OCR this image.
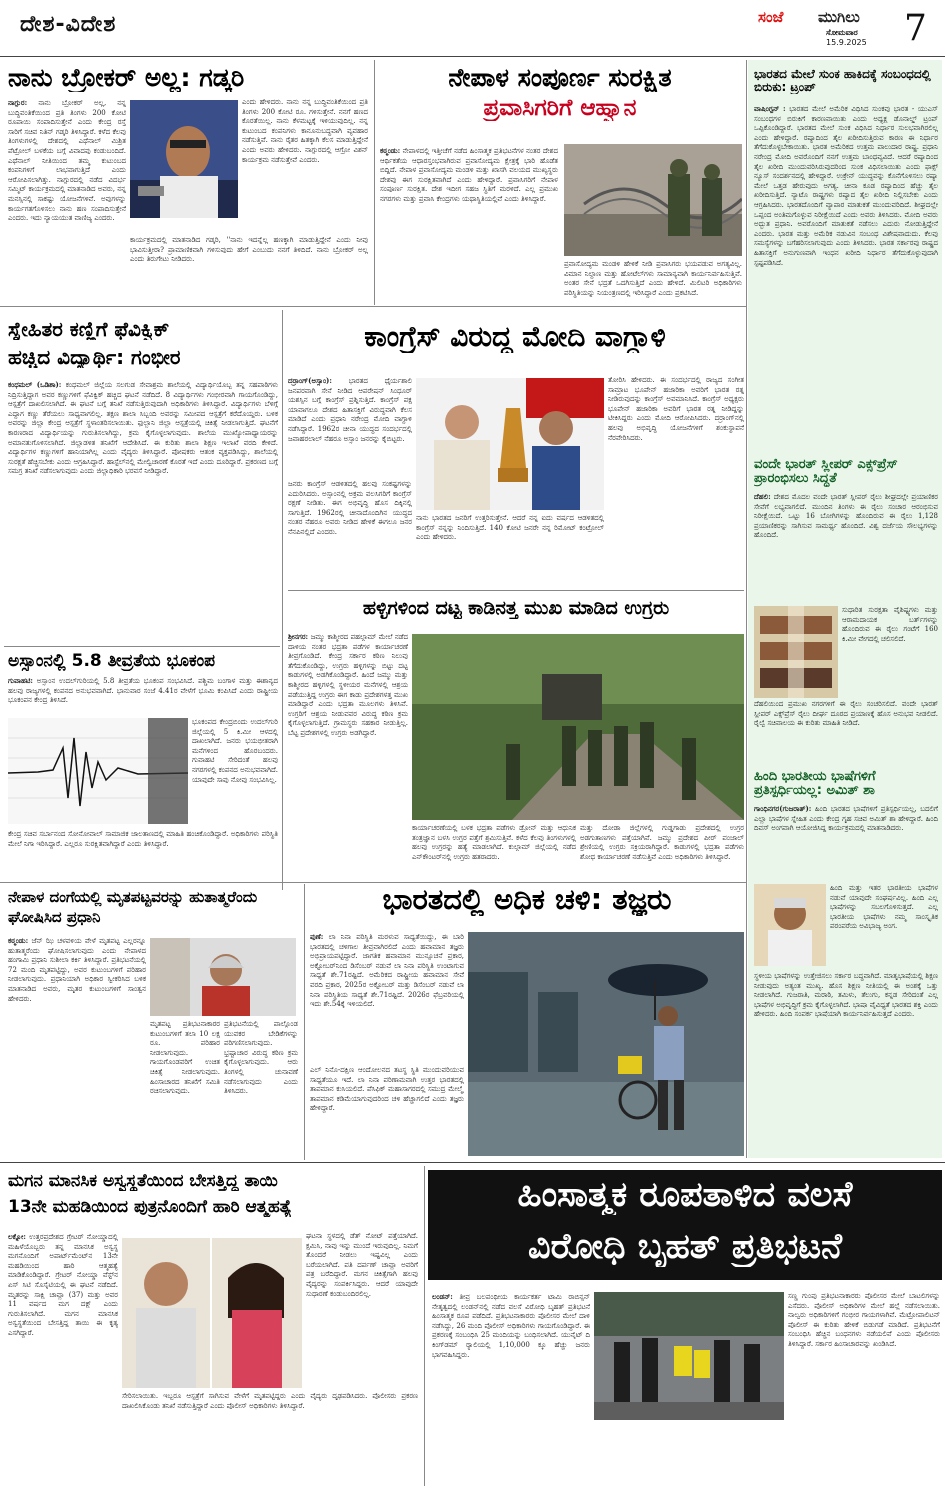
ದೇಶ-ವಿದೇಶ	ಸಂಜೆ ಮುಗಿಲು
ಸೋಮವಾರ
15.9.2025 7
ನಾನು ಬ್ರೋಕರ್ ಅಲ್ಲ: ಗಡ್ಕರಿ
ನಾಗ್ಪುರ: ನಾನು ಬ್ರೋಕರ್ ಅಲ್ಲ, ನನ್ನ ಬುದ್ಧಿವಂತಿಕೆಯಿಂದ ಪ್ರತಿ ತಿಂಗಳು 200 ಕೋಟಿ ರೂಪಾಯಿ ಸಂಪಾದಿಸುತ್ತೇನೆ ಎಂದು ಕೇಂದ್ರ ರಸ್ತೆ ಸಾರಿಗೆ ಸಚಿವ ನಿತಿನ್ ಗಡ್ಕರಿ ತಿಳಿಸಿದ್ದಾರೆ. ಕಳೆದ ಕೆಲವು ತಿಂಗಳುಗಳಲ್ಲಿ ದೇಶದಲ್ಲಿ ಎಥೆನಾಲ್ ಮಿಶ್ರಿತ ಪೆಟ್ರೋಲ್ ಬಳಕೆಯ ಬಗ್ಗೆ ವಿವಾದವು ಕಂಡುಬಂದಿದೆ. ಎಥೆನಾಲ್ ನೀತಿಯಿಂದ ತಮ್ಮ ಕುಟುಂಬದ ಕಂಪನಿಗಳಿಗೆ ಲಾಭವಾಗುತ್ತಿದೆ ಎಂದು ಆರೋಪಿಸಲಾಗಿತ್ತು. ನಾಗ್ಪುರದಲ್ಲಿ ನಡೆದ ವಿದರ್ಭ ಸಮ್ಮಿಟ್ ಕಾರ್ಯಕ್ರಮದಲ್ಲಿ ಮಾತನಾಡಿದ ಅವರು, ನನ್ನ ಮನಸ್ಸಿನಲ್ಲಿ ಸಾಕಷ್ಟು ಯೋಜನೆಗಳಿವೆ. ಅವುಗಳನ್ನು ಕಾರ್ಯಗತಗೊಳಿಸಲು ನಾನು ಹಣ ಸಂಪಾದಿಸುತ್ತೇನೆ ಎಂದರು. ಇದು ನ್ಯಾಯಯುತ ವಾಣಿಜ್ಯ ಎಂದರು.
ಎಂದು ಹೇಳಿದರು. ನಾನು ನನ್ನ ಬುದ್ಧಿವಂತಿಕೆಯಿಂದ ಪ್ರತಿ ತಿಂಗಳು 200 ಕೋಟಿ ರೂ. ಗಳಿಸುತ್ತೇನೆ. ನನಗೆ ಹಣದ ಕೊರತೆಯಿಲ್ಲ. ನಾನು ಕೆಳಮಟ್ಟಕ್ಕೆ ಇಳಿಯುವುದಿಲ್ಲ. ನನ್ನ ಕುಟುಂಬದ ಕಂಪನಿಗಳು ಕಾನೂನುಬದ್ಧವಾಗಿ ವ್ಯವಹಾರ ನಡೆಸುತ್ತಿವೆ. ನಾನು ರೈತರ ಹಿತಕ್ಕಾಗಿ ಕೆಲಸ ಮಾಡುತ್ತಿದ್ದೇನೆ ಎಂದು ಅವರು ಹೇಳಿದರು. ನಾಗ್ಪುರದಲ್ಲಿ ಆಗ್ರೋ ವಿಶನ್ ಕಾರ್ಯಕ್ರಮ ನಡೆಸುತ್ತೇವೆ ಎಂದರು.
ಕಾರ್ಯಕ್ರಮದಲ್ಲಿ ಮಾತನಾಡಿದ ಗಡ್ಕರಿ, ''ನಾನು ಇದನ್ನೆಲ್ಲ ಹಣಕ್ಕಾಗಿ ಮಾಡುತ್ತಿದ್ದೇನೆ ಎಂದು ನೀವು ಭಾವಿಸುತ್ತೀರಾ? ಪ್ರಾಮಾಣಿಕವಾಗಿ ಗಳಿಸುವುದು ಹೇಗೆ ಎಂಬುದು ನನಗೆ ತಿಳಿದಿದೆ. ನಾನು ಬ್ರೋಕರ್ ಅಲ್ಲ ಎಂದು ತಿರುಗೇಟು ನೀಡಿದರು.
ನೇಪಾಳ ಸಂಪೂರ್ಣ ಸುರಕ್ಷಿತ
ಪ್ರವಾಸಿಗರಿಗೆ ಆಹ್ವಾನ
ಕಠ್ಮಂಡು: ನೇಪಾಳದಲ್ಲಿ ಇತ್ತೀಚೆಗೆ ನಡೆದ ಹಿಂಸಾತ್ಮಕ ಪ್ರತಿಭಟನೆಗಳ ನಂತರ ದೇಶದ ಆರ್ಥಿಕತೆಯ ಆಧಾರಸ್ತಂಭವಾಗಿರುವ ಪ್ರವಾಸೋದ್ಯಮ ಕ್ಷೇತ್ರಕ್ಕೆ ಭಾರಿ ಹೊಡೆತ ಬಿದ್ದಿದೆ. ನೇಪಾಳ ಪ್ರವಾಸೋದ್ಯಮ ಮಂಡಳಿ ಮತ್ತು ಖಾಸಗಿ ವಲಯದ ಮುಖ್ಯಸ್ಥರು ದೇಶವು ಈಗ ಸುರಕ್ಷಿತವಾಗಿದೆ ಎಂದು ಹೇಳಿದ್ದಾರೆ. ಪ್ರವಾಸಿಗರಿಗೆ ನೇಪಾಳ ಸಂಪೂರ್ಣ ಸುರಕ್ಷಿತ. ದೇಶ ಇದೀಗ ಸಹಜ ಸ್ಥಿತಿಗೆ ಮರಳಿದೆ. ಎಲ್ಲ ಪ್ರಮುಖ ನಗರಗಳು ಮತ್ತು ಪ್ರವಾಸಿ ಕೇಂದ್ರಗಳು ಯಥಾಸ್ಥಿತಿಯಲ್ಲಿವೆ ಎಂದು ತಿಳಿಸಿದ್ದಾರೆ.
ಪ್ರವಾಸೋದ್ಯಮ ಮಂಡಳಿ ಹೇಳಿಕೆ ನೀಡಿ ಪ್ರವಾಸಿಗರು ಭಯಪಡುವ ಅಗತ್ಯವಿಲ್ಲ. ವಿಮಾನ ನಿಲ್ದಾಣ ಮತ್ತು ಹೋಟೆಲ್‌ಗಳು ಸಾಮಾನ್ಯವಾಗಿ ಕಾರ್ಯನಿರ್ವಹಿಸುತ್ತಿವೆ. ಅಂತರ ಸೇನೆ ಭದ್ರತೆ ಒದಗಿಸುತ್ತಿದೆ ಎಂದು ಹೇಳಿದೆ. ಮಿಲಿಟರಿ ಅಧಿಕಾರಿಗಳು ಪರಿಸ್ಥಿತಿಯನ್ನು ನಿಯಂತ್ರಣದಲ್ಲಿ ಇರಿಸಿದ್ದಾರೆ ಎಂದು ಪ್ರಕಟಿಸಿದೆ.
ಭಾರತದ ಮೇಲೆ ಸುಂಕ ಹಾಕಿದಕ್ಕೆ ಸಂಬಂಧದಲ್ಲಿ ಬಿರುಕು: ಟ್ರಂಪ್
ವಾಷಿಂಗ್ಟನ್ : ಭಾರತದ ಮೇಲೆ ಅಮೆರಿಕ ವಿಧಿಸಿದ ಸುಂಕವು ಭಾರತ - ಯುಎಸ್ ಸಂಬಂಧಗಳ ಬಿರುಕಿಗೆ ಕಾರಣವಾಯಿತು ಎಂದು ಅಧ್ಯಕ್ಷ ಡೊನಾಲ್ಡ್ ಟ್ರಂಪ್ ಒಪ್ಪಿಕೊಂಡಿದ್ದಾರೆ. ಭಾರತದ ಮೇಲೆ ಸುಂಕ ವಿಧಿಸಿದ ನಿರ್ಧಾರ ಸುಲಭವಾಗಿರಲಿಲ್ಲ ಎಂದು ಹೇಳಿದ್ದಾರೆ. ರಷ್ಯಾದಿಂದ ತೈಲ ಖರೀದಿಸುತ್ತಿರುವ ಕಾರಣ ಈ ನಿರ್ಧಾರ ತೆಗೆದುಕೊಳ್ಳಬೇಕಾಯಿತು. ಭಾರತ ಅಮೆರಿಕದ ಉತ್ತಮ ಪಾಲುದಾರ ರಾಷ್ಟ್ರ. ಪ್ರಧಾನಿ ನರೇಂದ್ರ ಮೋದಿ ಅವರೊಂದಿಗೆ ನನಗೆ ಉತ್ತಮ ಬಾಂಧವ್ಯವಿದೆ. ಆದರೆ ರಷ್ಯಾದಿಂದ ತೈಲ ಖರೀದಿ ಮುಂದುವರಿಸಿರುವುದರಿಂದ ಸುಂಕ ವಿಧಿಸಲಾಯಿತು ಎಂದು ಫಾಕ್ಸ್ ನ್ಯೂಸ್ ಸಂದರ್ಶನದಲ್ಲಿ ಹೇಳಿದ್ದಾರೆ. ಉಕ್ರೇನ್ ಯುದ್ಧವನ್ನು ಕೊನೆಗೊಳಿಸಲು ರಷ್ಯಾ ಮೇಲೆ ಒತ್ತಡ ಹೇರುವುದು ಅಗತ್ಯ. ಚೀನಾ ಕೂಡ ರಷ್ಯಾದಿಂದ ಹೆಚ್ಚು ತೈಲ ಖರೀದಿಸುತ್ತಿದೆ. ನ್ಯಾಟೊ ರಾಷ್ಟ್ರಗಳು ರಷ್ಯಾದ ತೈಲ ಖರೀದಿ ನಿಲ್ಲಿಸಬೇಕು ಎಂದು ಆಗ್ರಹಿಸಿದರು. ಭಾರತದೊಂದಿಗೆ ವ್ಯಾಪಾರ ಮಾತುಕತೆ ಮುಂದುವರಿದಿದೆ. ಶೀಘ್ರದಲ್ಲೇ ಒಪ್ಪಂದ ಅಂತಿಮಗೊಳ್ಳುವ ನಿರೀಕ್ಷೆಯಿದೆ ಎಂದು ಅವರು ತಿಳಿಸಿದರು. ಮೋದಿ ಅವರು ಅದ್ಭುತ ಪ್ರಧಾನಿ. ಅವರೊಂದಿಗೆ ಮಾತುಕತೆ ನಡೆಸಲು ಎದುರು ನೋಡುತ್ತಿದ್ದೇನೆ ಎಂದರು. ಭಾರತ ಮತ್ತು ಅಮೆರಿಕ ನಡುವಿನ ಸಂಬಂಧ ವಿಶೇಷವಾದುದು. ಕೆಲವು ಸಮಸ್ಯೆಗಳನ್ನು ಬಗೆಹರಿಸಲಾಗುವುದು ಎಂದು ತಿಳಿಸಿದರು. ಭಾರತ ಸರ್ಕಾರವು ರಾಷ್ಟ್ರದ ಹಿತಾಸಕ್ತಿಗೆ ಅನುಗುಣವಾಗಿ ಇಂಧನ ಖರೀದಿ ನಿರ್ಧಾರ ತೆಗೆದುಕೊಳ್ಳುವುದಾಗಿ ಸ್ಪಷ್ಟಪಡಿಸಿದೆ.
ವಂದೇ ಭಾರತ್ ಸ್ಲೀಪರ್ ಎಕ್ಸ್‌ಪ್ರೆಸ್ ಪ್ರಾರಂಭಿಸಲು ಸಿದ್ಧತೆ
ದೆಹಲಿ: ದೇಶದ ಮೊದಲ ವಂದೇ ಭಾರತ್ ಸ್ಲೀಪರ್ ರೈಲು ಶೀಘ್ರದಲ್ಲೇ ಪ್ರಯಾಣಿಕರ ಸೇವೆಗೆ ಲಭ್ಯವಾಗಲಿದೆ. ಮುಂದಿನ ತಿಂಗಳು ಈ ರೈಲು ಸಂಚಾರ ಆರಂಭಿಸುವ ನಿರೀಕ್ಷೆಯಿದೆ. ಒಟ್ಟು 16 ಬೋಗಿಗಳನ್ನು ಹೊಂದಿರುವ ಈ ರೈಲು 1,128 ಪ್ರಯಾಣಿಕರನ್ನು ಸಾಗಿಸುವ ಸಾಮರ್ಥ್ಯ ಹೊಂದಿದೆ. ವಿಶ್ವ ದರ್ಜೆಯ ಸೌಲಭ್ಯಗಳನ್ನು ಹೊಂದಿದೆ.
ಸುಧಾರಿತ ಸುರಕ್ಷತಾ ವೈಶಿಷ್ಟ್ಯಗಳು ಮತ್ತು ಆರಾಮದಾಯಕ ಬರ್ತ್‌ಗಳನ್ನು ಹೊಂದಿರುವ ಈ ರೈಲು ಗಂಟೆಗೆ 160 ಕಿ.ಮೀ ವೇಗದಲ್ಲಿ ಚಲಿಸಲಿದೆ.
ದೆಹಲಿಯಿಂದ ಪ್ರಮುಖ ನಗರಗಳಿಗೆ ಈ ರೈಲು ಸಂಚರಿಸಲಿದೆ. ವಂದೇ ಭಾರತ್ ಸ್ಲೀಪರ್ ಎಕ್ಸ್‌ಪ್ರೆಸ್ ರೈಲು ದೀರ್ಘ ದೂರದ ಪ್ರಯಾಣಕ್ಕೆ ಹೊಸ ಅನುಭವ ನೀಡಲಿದೆ. ರೈಲ್ವೆ ಸಚಿವಾಲಯ ಈ ಕುರಿತು ಮಾಹಿತಿ ನೀಡಿದೆ.
ಹಿಂದಿ ಭಾರತೀಯ ಭಾಷೆಗಳಿಗೆ ಪ್ರತಿಸ್ಪರ್ಧಿಯಲ್ಲ: ಅಮಿತ್ ಶಾ
ಗಾಂಧಿನಗರ(ಗುಜರಾತ್): ಹಿಂದಿ ಭಾರತದ ಭಾಷೆಗಳಿಗೆ ಪ್ರತಿಸ್ಪರ್ಧಿಯಲ್ಲ, ಬದಲಿಗೆ ಎಲ್ಲಾ ಭಾಷೆಗಳ ಸ್ನೇಹಿತ ಎಂದು ಕೇಂದ್ರ ಗೃಹ ಸಚಿವ ಅಮಿತ್ ಶಾ ಹೇಳಿದ್ದಾರೆ. ಹಿಂದಿ ದಿವಸ್ ಅಂಗವಾಗಿ ಆಯೋಜಿಸಿದ್ದ ಕಾರ್ಯಕ್ರಮದಲ್ಲಿ ಮಾತನಾಡಿದರು.
ಹಿಂದಿ ಮತ್ತು ಇತರ ಭಾರತೀಯ ಭಾಷೆಗಳ ನಡುವೆ ಯಾವುದೇ ಸಂಘರ್ಷವಿಲ್ಲ. ಹಿಂದಿ ಎಲ್ಲ ಭಾಷೆಗಳನ್ನು ಸಬಲಗೊಳಿಸುತ್ತದೆ. ಎಲ್ಲ ಭಾರತೀಯ ಭಾಷೆಗಳು ನಮ್ಮ ಸಾಂಸ್ಕೃತಿಕ ಪರಂಪರೆಯ ಅವಿಭಾಜ್ಯ ಅಂಗ.
ಸ್ಥಳೀಯ ಭಾಷೆಗಳನ್ನು ಉತ್ತೇಜಿಸಲು ಸರ್ಕಾರ ಬದ್ಧವಾಗಿದೆ. ಮಾತೃಭಾಷೆಯಲ್ಲಿ ಶಿಕ್ಷಣ ನೀಡುವುದು ಅತ್ಯಂತ ಮುಖ್ಯ. ಹೊಸ ಶಿಕ್ಷಣ ನೀತಿಯಲ್ಲಿ ಈ ಅಂಶಕ್ಕೆ ಒತ್ತು ನೀಡಲಾಗಿದೆ. ಗುಜರಾತಿ, ಮರಾಠಿ, ತಮಿಳು, ತೆಲುಗು, ಕನ್ನಡ ಸೇರಿದಂತೆ ಎಲ್ಲ ಭಾಷೆಗಳ ಅಭಿವೃದ್ಧಿಗೆ ಕ್ರಮ ಕೈಗೊಳ್ಳಲಾಗಿದೆ. ಭಾಷಾ ವೈವಿಧ್ಯತೆ ಭಾರತದ ಶಕ್ತಿ ಎಂದು ಹೇಳಿದರು. ಹಿಂದಿ ಸಂಪರ್ಕ ಭಾಷೆಯಾಗಿ ಕಾರ್ಯನಿರ್ವಹಿಸುತ್ತದೆ ಎಂದರು.
ಸ್ನೇಹಿತರ ಕಣ್ಣಿಗೆ ಫೆವಿಕ್ವಿಕ್
ಹಚ್ಚಿದ ವಿದ್ಯಾರ್ಥಿ: ಗಂಭೀರ
ಕಂಧಮಲ್ (ಒಡಿಶಾ): ಕಂಧಮಲ್ ಜಿಲ್ಲೆಯ ಸಲಗುಡ ಸೇವಾಶ್ರಮ ಶಾಲೆಯಲ್ಲಿ ವಿದ್ಯಾರ್ಥಿಯೊಬ್ಬ ತನ್ನ ಸಹಪಾಠಿಗಳು ನಿದ್ರಿಸುತ್ತಿದ್ದಾಗ ಅವರ ಕಣ್ಣುಗಳಿಗೆ ಫೆವಿಕ್ವಿಕ್ ಹಚ್ಚಿದ ಘಟನೆ ನಡೆದಿದೆ. 8 ವಿದ್ಯಾರ್ಥಿಗಳು ಗಂಭೀರವಾಗಿ ಗಾಯಗೊಂಡಿದ್ದು, ಆಸ್ಪತ್ರೆಗೆ ದಾಖಲಿಸಲಾಗಿದೆ. ಈ ಘಟನೆ ಬಗ್ಗೆ ತನಿಖೆ ನಡೆಸುತ್ತಿರುವುದಾಗಿ ಅಧಿಕಾರಿಗಳು ತಿಳಿಸಿದ್ದಾರೆ. ವಿದ್ಯಾರ್ಥಿಗಳು ಬೆಳಿಗ್ಗೆ ಎದ್ದಾಗ ಕಣ್ಣು ತೆರೆಯಲು ಸಾಧ್ಯವಾಗಲಿಲ್ಲ. ತಕ್ಷಣ ಶಾಲಾ ಸಿಬ್ಬಂದಿ ಅವರನ್ನು ಸಮೀಪದ ಆಸ್ಪತ್ರೆಗೆ ಕರೆದೊಯ್ದರು. ಬಳಿಕ ಅವರನ್ನು ಜಿಲ್ಲಾ ಕೇಂದ್ರ ಆಸ್ಪತ್ರೆಗೆ ಸ್ಥಳಾಂತರಿಸಲಾಯಿತು. ಫುಲ್ಬಾನಿ ಜಿಲ್ಲಾ ಆಸ್ಪತ್ರೆಯಲ್ಲಿ ಚಿಕಿತ್ಸೆ ನೀಡಲಾಗುತ್ತಿದೆ. ಘಟನೆಗೆ ಕಾರಣರಾದ ವಿದ್ಯಾರ್ಥಿಯನ್ನು ಗುರುತಿಸಲಾಗಿದ್ದು, ಕ್ರಮ ಕೈಗೊಳ್ಳಲಾಗುವುದು. ಶಾಲೆಯ ಮುಖ್ಯೋಪಾಧ್ಯಾಯರನ್ನು ಅಮಾನತುಗೊಳಿಸಲಾಗಿದೆ. ಜಿಲ್ಲಾಡಳಿತ ತನಿಖೆಗೆ ಆದೇಶಿಸಿದೆ. ಈ ಕುರಿತು ಶಾಲಾ ಶಿಕ್ಷಣ ಇಲಾಖೆ ವರದಿ ಕೇಳಿದೆ. ವಿದ್ಯಾರ್ಥಿಗಳ ಕಣ್ಣುಗಳಿಗೆ ಹಾನಿಯಾಗಿಲ್ಲ ಎಂದು ವೈದ್ಯರು ತಿಳಿಸಿದ್ದಾರೆ. ಪೋಷಕರು ಆತಂಕ ವ್ಯಕ್ತಪಡಿಸಿದ್ದು, ಶಾಲೆಯಲ್ಲಿ ಸುರಕ್ಷತೆ ಹೆಚ್ಚಿಸಬೇಕು ಎಂದು ಆಗ್ರಹಿಸಿದ್ದಾರೆ. ಹಾಸ್ಟೆಲ್‌ನಲ್ಲಿ ಮೇಲ್ವಿಚಾರಣೆ ಕೊರತೆ ಇದೆ ಎಂದು ದೂರಿದ್ದಾರೆ. ಪ್ರಕರಣದ ಬಗ್ಗೆ ಸಮಗ್ರ ತನಿಖೆ ನಡೆಸಲಾಗುವುದು ಎಂದು ಜಿಲ್ಲಾಧಿಕಾರಿ ಭರವಸೆ ನೀಡಿದ್ದಾರೆ.
ಕಾಂಗ್ರೆಸ್ ವಿರುದ್ಧ ಮೋದಿ ವಾಗ್ದಾಳಿ
ದರ್‍ರಾಂಗ್(ಅಸ್ಸಾಂ): ಭಾರತದ ಧೈರ್ಯಶಾಲಿ ಜನಪರವಾಗಿ ಸೇನೆ ನೀಡಿದ ಆಪರೇಷನ್ ಸಿಂಧೂರ್ ಯಶಸ್ಸಿನ ಬಗ್ಗೆ ಕಾಂಗ್ರೆಸ್ ಪ್ರಶ್ನಿಸುತ್ತಿದೆ. ಕಾಂಗ್ರೆಸ್ ಪಕ್ಷ ಯಾವಾಗಲೂ ದೇಶದ ಹಿತಾಸಕ್ತಿಗೆ ವಿರುದ್ಧವಾಗಿ ಕೆಲಸ ಮಾಡಿದೆ ಎಂದು ಪ್ರಧಾನಿ ನರೇಂದ್ರ ಮೋದಿ ವಾಗ್ದಾಳಿ ನಡೆಸಿದ್ದಾರೆ. 1962ರ ಚೀನಾ ಯುದ್ಧದ ಸಂದರ್ಭದಲ್ಲಿ ಜವಾಹರಲಾಲ್ ನೆಹರೂ ಅಸ್ಸಾಂ ಜನರನ್ನು ಕೈಬಿಟ್ಟರು.
ಜನರು ಕಾಂಗ್ರೆಸ್ ಆಡಳಿತದಲ್ಲಿ ಹಲವು ಸಂಕಷ್ಟಗಳನ್ನು ಎದುರಿಸಿದರು. ಅಸ್ಸಾಂನಲ್ಲಿ ಅಕ್ರಮ ವಲಸಿಗರಿಗೆ ಕಾಂಗ್ರೆಸ್ ರಕ್ಷಣೆ ನೀಡಿತು. ಈಗ ಅಭಿವೃದ್ಧಿ ಹೊಸ ದಿಕ್ಕಿನಲ್ಲಿ ಸಾಗುತ್ತಿದೆ. 1962ರಲ್ಲಿ ಚೀನಾದೊಂದಿಗಿನ ಯುದ್ಧದ ನಂತರ ನೆಹರೂ ಅವರು ನೀಡಿದ ಹೇಳಿಕೆ ಈಗಲೂ ಜನರ ನೆನಪಿನಲ್ಲಿದೆ ಎಂದರು.
ತೋರಿಸಿ ಹೇಳಿದರು. ಈ ಸಂದರ್ಭದಲ್ಲಿ ರಾಜ್ಯದ ಸಂಗೀತ ಸಾಮ್ರಾಟ ಭೂಪೇನ್ ಹಜಾರಿಕಾ ಅವರಿಗೆ ಭಾರತ ರತ್ನ ನೀಡಿರುವುದನ್ನು ಕಾಂಗ್ರೆಸ್ ಅವಮಾನಿಸಿದೆ. ಕಾಂಗ್ರೆಸ್ ಅಧ್ಯಕ್ಷರು ಭೂಪೇನ್ ಹಜಾರಿಕಾ ಅವರಿಗೆ ಭಾರತ ರತ್ನ ನೀಡಿದ್ದನ್ನು ಟೀಕಿಸಿದ್ದರು ಎಂದು ಮೋದಿ ಆರೋಪಿಸಿದರು. ದರ್‍ರಾಂಗ್‌ನಲ್ಲಿ ಹಲವು ಅಭಿವೃದ್ಧಿ ಯೋಜನೆಗಳಿಗೆ ಶಂಕುಸ್ಥಾಪನೆ ನೆರವೇರಿಸಿದರು.
ನಾನು ಭಾರತದ ಜನರಿಗೆ ಉತ್ತರಿಸುತ್ತೇನೆ. ಆದರೆ ನನ್ನ ಐದು ವರ್ಷದ ಆಡಳಿತದಲ್ಲಿ ಕಾಂಗ್ರೆಸ್ ನನ್ನನ್ನು ನಿಂದಿಸುತ್ತಿದೆ. 140 ಕೋಟಿ ಜನರೇ ನನ್ನ ರಿಮೋಟ್ ಕಂಟ್ರೋಲ್ ಎಂದು ಹೇಳಿದರು.
ಅಸ್ಸಾಂನಲ್ಲಿ 5.8 ತೀವ್ರತೆಯ ಭೂಕಂಪ
ಗುವಾಹಟಿ: ಅಸ್ಸಾಂನ ಉದಲ್‌ಗುರಿಯಲ್ಲಿ 5.8 ತೀವ್ರತೆಯ ಭೂಕಂಪ ಸಂಭವಿಸಿದೆ. ಪಶ್ಚಿಮ ಬಂಗಾಳ ಮತ್ತು ಈಶಾನ್ಯದ ಹಲವು ರಾಜ್ಯಗಳಲ್ಲಿ ಕಂಪನದ ಅನುಭವವಾಗಿದೆ. ಭಾನುವಾರ ಸಂಜೆ 4.41ರ ವೇಳೆಗೆ ಭೂಮಿ ಕಂಪಿಸಿದೆ ಎಂದು ರಾಷ್ಟ್ರೀಯ ಭೂಕಂಪನ ಕೇಂದ್ರ ತಿಳಿಸಿದೆ.
ಭೂಕಂಪದ ಕೇಂದ್ರಬಿಂದು ಉದಲ್‌ಗುರಿ ಜಿಲ್ಲೆಯಲ್ಲಿ 5 ಕಿ.ಮೀ ಆಳದಲ್ಲಿ ದಾಖಲಾಗಿದೆ. ಜನರು ಭಯಭೀತರಾಗಿ ಮನೆಗಳಿಂದ ಹೊರಬಂದರು. ಗುವಾಹಟಿ ಸೇರಿದಂತೆ ಹಲವು ನಗರಗಳಲ್ಲಿ ಕಂಪನದ ಅನುಭವವಾಗಿದೆ. ಯಾವುದೇ ಸಾವು ನೋವು ಸಂಭವಿಸಿಲ್ಲ.
ಕೇಂದ್ರ ಸಚಿವ ಸರ್ಬಾನಂದ ಸೋನೋವಾಲ್ ಸಾಮಾಜಿಕ ಜಾಲತಾಣದಲ್ಲಿ ಮಾಹಿತಿ ಹಂಚಿಕೊಂಡಿದ್ದಾರೆ. ಅಧಿಕಾರಿಗಳು ಪರಿಸ್ಥಿತಿ ಮೇಲೆ ನಿಗಾ ಇರಿಸಿದ್ದಾರೆ. ಎಲ್ಲರೂ ಸುರಕ್ಷಿತವಾಗಿದ್ದಾರೆ ಎಂದು ತಿಳಿಸಿದ್ದಾರೆ.
ಹಳ್ಳಿಗಳಿಂದ ದಟ್ಟ ಕಾಡಿನತ್ತ ಮುಖ ಮಾಡಿದ ಉಗ್ರರು
ಶ್ರೀನಗರ: ಜಮ್ಮು ಕಾಶ್ಮೀರದ ಪಹಲ್ಗಾಮ್ ಮೇಲೆ ನಡೆದ ದಾಳಿಯ ನಂತರ ಭದ್ರತಾ ಪಡೆಗಳ ಕಾರ್ಯಾಚರಣೆ ತೀವ್ರಗೊಂಡಿದೆ. ಕೇಂದ್ರ ಸರ್ಕಾರ ಕಠಿಣ ನಿಲುವು ತೆಗೆದುಕೊಂಡಿದ್ದು, ಉಗ್ರರು ಹಳ್ಳಿಗಳನ್ನು ಬಿಟ್ಟು ದಟ್ಟ ಕಾಡುಗಳಲ್ಲಿ ಅಡಗಿಕೊಂಡಿದ್ದಾರೆ. ಹಿಂದೆ ಜಮ್ಮು ಮತ್ತು ಕಾಶ್ಮೀರದ ಹಳ್ಳಿಗಳಲ್ಲಿ ಸ್ಥಳೀಯರ ಮನೆಗಳಲ್ಲಿ ಆಶ್ರಯ ಪಡೆಯುತ್ತಿದ್ದ ಉಗ್ರರು ಈಗ ಕಾಡು ಪ್ರದೇಶಗಳತ್ತ ಮುಖ ಮಾಡಿದ್ದಾರೆ ಎಂದು ಭದ್ರತಾ ಮೂಲಗಳು ತಿಳಿಸಿವೆ. ಉಗ್ರರಿಗೆ ಆಶ್ರಯ ನೀಡುವವರ ವಿರುದ್ಧ ಕಠಿಣ ಕ್ರಮ ಕೈಗೊಳ್ಳಲಾಗುತ್ತಿದೆ. ಗ್ರಾಮಸ್ಥರು ಸಹಕಾರ ನೀಡುತ್ತಿಲ್ಲ. ಬೆಟ್ಟ ಪ್ರದೇಶಗಳಲ್ಲಿ ಉಗ್ರರು ಅಡಗಿದ್ದಾರೆ.
ಕಾರ್ಯಾಚರಣೆಯಲ್ಲಿ ಬಳಕ ಭದ್ರತಾ ಪಡೆಗಳು ಡ್ರೋನ್ ಮತ್ತು ಆಧುನಿಕ ತಂತ್ರಜ್ಞಾನ ಬಳಸಿ ಉಗ್ರರ ಪತ್ತೆಗೆ ಶ್ರಮಿಸುತ್ತಿವೆ. ಕಳೆದ ಕೆಲವು ತಿಂಗಳುಗಳಲ್ಲಿ ಹಲವು ಉಗ್ರರನ್ನು ಹತ್ಯೆ ಮಾಡಲಾಗಿದೆ. ಕುಲ್ಗಾಮ್ ಜಿಲ್ಲೆಯಲ್ಲಿ ನಡೆದ ಎನ್‌ಕೌಂಟರ್‌ನಲ್ಲಿ ಉಗ್ರರು ಹತರಾದರು.
ಮತ್ತು ದೋಡಾ ಜಿಲ್ಲೆಗಳಲ್ಲಿ ಗುಡ್ಡಗಾಡು ಪ್ರದೇಶದಲ್ಲಿ ಉಗ್ರರ ಅಡಗುತಾಣಗಳು ಪತ್ತೆಯಾಗಿವೆ. ಜಮ್ಮು ಪ್ರದೇಶದ ಪೀರ್ ಪಂಜಾಲ್ ಶ್ರೇಣಿಯಲ್ಲಿ ಉಗ್ರರು ಸಕ್ರಿಯರಾಗಿದ್ದಾರೆ. ಕಾಡುಗಳಲ್ಲಿ ಭದ್ರತಾ ಪಡೆಗಳು ಶೋಧ ಕಾರ್ಯಾಚರಣೆ ನಡೆಸುತ್ತಿವೆ ಎಂದು ಅಧಿಕಾರಿಗಳು ತಿಳಿಸಿದ್ದಾರೆ.
ನೇಪಾಳ ದಂಗೆಯಲ್ಲಿ ಮೃತಪಟ್ಟವರನ್ನು ಹುತಾತ್ಮರೆಂದು ಘೋಷಿಸಿದ ಪ್ರಧಾನಿ
ಕಠ್ಮಂಡು: ಜೆನ್ ಝಿ ಚಳವಳಿಯ ವೇಳೆ ಮೃತಪಟ್ಟ ಎಲ್ಲರನ್ನೂ ಹುತಾತ್ಮರೆಂದು ಘೋಷಿಸಲಾಗುವುದು ಎಂದು ನೇಪಾಳದ ಹಂಗಾಮಿ ಪ್ರಧಾನಿ ಸುಶೀಲಾ ಕರ್ಕಿ ತಿಳಿಸಿದ್ದಾರೆ. ಪ್ರತಿಭಟನೆಯಲ್ಲಿ 72 ಮಂದಿ ಮೃತಪಟ್ಟಿದ್ದು, ಅವರ ಕುಟುಂಬಗಳಿಗೆ ಪರಿಹಾರ ನೀಡಲಾಗುವುದು. ಪ್ರಧಾನಿಯಾಗಿ ಅಧಿಕಾರ ಸ್ವೀಕರಿಸಿದ ಬಳಿಕ ಮಾತನಾಡಿದ ಅವರು, ಮೃತರ ಕುಟುಂಬಗಳಿಗೆ ಸಾಂತ್ವನ ಹೇಳಿದರು.
ಮೃತಪಟ್ಟ ಪ್ರತಿಭಟನಾಕಾರರ ಕುಟುಂಬಗಳಿಗೆ ತಲಾ 10 ಲಕ್ಷ ರೂ. ಪರಿಹಾರ ನೀಡಲಾಗುವುದು. ಗಾಯಗೊಂಡವರಿಗೆ ಉಚಿತ ಚಿಕಿತ್ಸೆ ನೀಡಲಾಗುವುದು. ಹಿಂಸಾಚಾರದ ತನಿಖೆಗೆ ಸಮಿತಿ ರಚಿಸಲಾಗುವುದು.
ಪ್ರತಿಭಟನೆಯಲ್ಲಿ ಪಾಲ್ಗೊಂಡ ಯುವಕರ ಬೇಡಿಕೆಗಳನ್ನು ಪರಿಗಣಿಸಲಾಗುವುದು. ಭ್ರಷ್ಟಾಚಾರ ವಿರುದ್ಧ ಕಠಿಣ ಕ್ರಮ ಕೈಗೊಳ್ಳಲಾಗುವುದು. ಆರು ತಿಂಗಳಲ್ಲಿ ಚುನಾವಣೆ ನಡೆಸಲಾಗುವುದು ಎಂದು ತಿಳಿಸಿದರು.
ಭಾರತದಲ್ಲಿ ಅಧಿಕ ಚಳಿ: ತಜ್ಞರು
ಪುಣೆ: ಲಾ ನಿನಾ ಪರಿಸ್ಥಿತಿ ಮರಳುವ ಸಾಧ್ಯತೆಯಿದ್ದು, ಈ ಬಾರಿ ಭಾರತದಲ್ಲಿ ಚಳಿಗಾಲ ತೀವ್ರವಾಗಿರಲಿದೆ ಎಂದು ಹವಾಮಾನ ತಜ್ಞರು ಅಭಿಪ್ರಾಯಪಟ್ಟಿದ್ದಾರೆ. ಜಾಗತಿಕ ಹವಾಮಾನ ಮುನ್ಸೂಚನೆ ಪ್ರಕಾರ, ಅಕ್ಟೋಬರ್‌ನಿಂದ ಡಿಸೆಂಬರ್ ನಡುವೆ ಲಾ ನಿನಾ ಪರಿಸ್ಥಿತಿ ಉಂಟಾಗುವ ಸಾಧ್ಯತೆ ಶೇ.71ರಷ್ಟಿದೆ. ಅಮೆರಿಕದ ರಾಷ್ಟ್ರೀಯ ಹವಾಮಾನ ಸೇವೆ ವರದಿ ಪ್ರಕಾರ, 2025ರ ಅಕ್ಟೋಬರ್ ಮತ್ತು ಡಿಸೆಂಬರ್ ನಡುವೆ ಲಾ ನಿನಾ ಪರಿಸ್ಥಿತಿಯ ಸಾಧ್ಯತೆ ಶೇ.71ರಷ್ಟಿದೆ. 2026ರ ಫೆಬ್ರವರಿಯಲ್ಲಿ ಇದು ಶೇ.54ಕ್ಕೆ ಇಳಿಯಲಿದೆ.
ಎಲ್ ನಿನೊ-ದಕ್ಷಿಣ ಆಂದೋಲನದ ತಟಸ್ಥ ಸ್ಥಿತಿ ಮುಂದುವರಿಯುವ ಸಾಧ್ಯತೆಯೂ ಇದೆ. ಲಾ ನಿನಾ ಪರಿಣಾಮವಾಗಿ ಉತ್ತರ ಭಾರತದಲ್ಲಿ ತಾಪಮಾನ ಕುಸಿಯಲಿದೆ. ಪೆಸಿಫಿಕ್ ಮಹಾಸಾಗರದಲ್ಲಿ ಸಮುದ್ರ ಮೇಲ್ಮೈ ತಾಪಮಾನ ಕಡಿಮೆಯಾಗುವುದರಿಂದ ಚಳಿ ಹೆಚ್ಚಾಗಲಿದೆ ಎಂದು ತಜ್ಞರು ಹೇಳಿದ್ದಾರೆ.
ಮಗನ ಮಾನಸಿಕ ಅಸ್ವಸ್ಥತೆಯಿಂದ ಬೇಸತ್ತಿದ್ದ ತಾಯಿ
13ನೇ ಮಹಡಿಯಿಂದ ಪುತ್ರನೊಂದಿಗೆ ಹಾರಿ ಆತ್ಮಹತ್ಯೆ
ಲಕ್ನೋ: ಉತ್ತರಪ್ರದೇಶದ ಗ್ರೇಟರ್ ನೋಯ್ಡಾದಲ್ಲಿ ಮಹಿಳೆಯೊಬ್ಬರು ತನ್ನ ಮಾನಸಿಕ ಅಸ್ವಸ್ಥ ಮಗನೊಂದಿಗೆ ಅಪಾರ್ಟ್‌ಮೆಂಟ್‌ನ 13ನೇ ಮಹಡಿಯಿಂದ ಹಾರಿ ಆತ್ಮಹತ್ಯೆ ಮಾಡಿಕೊಂಡಿದ್ದಾರೆ. ಗ್ರೇಟರ್ ನೋಯ್ಡಾ ವೆಸ್ಟ್‌ನ ಏಸ್ ಸಿಟಿ ಸೊಸೈಟಿಯಲ್ಲಿ ಈ ಘಟನೆ ನಡೆದಿದೆ. ಮೃತರನ್ನು ಸಾಕ್ಷಿ ಚಾವ್ಲಾ (37) ಮತ್ತು ಅವರ 11 ವರ್ಷದ ಮಗ ದಕ್ಷ್ ಎಂದು ಗುರುತಿಸಲಾಗಿದೆ. ಮಗನ ಮಾನಸಿಕ ಅಸ್ವಸ್ಥತೆಯಿಂದ ಬೇಸತ್ತಿದ್ದ ತಾಯಿ ಈ ಕೃತ್ಯ ಎಸಗಿದ್ದಾರೆ.
ಸೇರಿಸಲಾಯಿತು. ಇಬ್ಬರೂ ಆಸ್ಪತ್ರೆಗೆ ಸಾಗಿಸುವ ವೇಳೆಗೆ ಮೃತಪಟ್ಟಿದ್ದರು ಎಂದು ವೈದ್ಯರು ದೃಢಪಡಿಸಿದರು. ಪೊಲೀಸರು ಪ್ರಕರಣ ದಾಖಲಿಸಿಕೊಂಡು ತನಿಖೆ ನಡೆಸುತ್ತಿದ್ದಾರೆ ಎಂದು ಪೊಲೀಸ್ ಅಧಿಕಾರಿಗಳು ತಿಳಿಸಿದ್ದಾರೆ.
ಘಟನಾ ಸ್ಥಳದಲ್ಲಿ ಡೆತ್ ನೋಟ್ ಪತ್ತೆಯಾಗಿದೆ. ಕ್ಷಮಿಸಿ, ನಾವು ಇನ್ನು ಮುಂದೆ ಇರುವುದಿಲ್ಲ. ನಿಮಗೆ ತೊಂದರೆ ನೀಡಲು ಇಷ್ಟವಿಲ್ಲ ಎಂದು ಬರೆಯಲಾಗಿದೆ. ಪತಿ ದರ್ಪಣ್ ಚಾವ್ಲಾ ಅವರಿಗೆ ಪತ್ರ ಬರೆದಿದ್ದಾರೆ. ಮಗನ ಚಿಕಿತ್ಸೆಗಾಗಿ ಹಲವು ವೈದ್ಯರನ್ನು ಸಂಪರ್ಕಿಸಿದ್ದರು. ಆದರೆ ಯಾವುದೇ ಸುಧಾರಣೆ ಕಂಡುಬಂದಿರಲಿಲ್ಲ.
ಹಿಂಸಾತ್ಮಕ ರೂಪತಾಳಿದ ವಲಸೆ
ವಿರೋಧಿ ಬೃಹತ್ ಪ್ರತಿಭಟನೆ
ಲಂಡನ್: ತೀವ್ರ ಬಲಪಂಥೀಯ ಕಾರ್ಯಕರ್ತ ಟಾಮಿ ರಾಬಿನ್ಸನ್ ನೇತೃತ್ವದಲ್ಲಿ ಲಂಡನ್‌ನಲ್ಲಿ ನಡೆದ ವಲಸೆ ವಿರೋಧಿ ಬೃಹತ್ ಪ್ರತಿಭಟನೆ ಹಿಂಸಾತ್ಮಕ ರೂಪ ಪಡೆದಿದೆ. ಪ್ರತಿಭಟನಾಕಾರರು ಪೊಲೀಸರ ಮೇಲೆ ದಾಳಿ ನಡೆಸಿದ್ದು, 26 ಮಂದಿ ಪೊಲೀಸ್ ಅಧಿಕಾರಿಗಳು ಗಾಯಗೊಂಡಿದ್ದಾರೆ. ಈ ಪ್ರಕರಣಕ್ಕೆ ಸಂಬಂಧಿಸಿ 25 ಮಂದಿಯನ್ನು ಬಂಧಿಸಲಾಗಿದೆ. ಯುನೈಟ್ ದಿ ಕಿಂಗ್‌ಡಮ್ ರ‍್ಯಾಲಿಯಲ್ಲಿ 1,10,000 ಕ್ಕೂ ಹೆಚ್ಚು ಜನರು ಭಾಗವಹಿಸಿದ್ದರು.
ಸಣ್ಣ ಗುಂಪು ಪ್ರತಿಭಟನಾಕಾರರು ಪೊಲೀಸರ ಮೇಲೆ ಬಾಟಲಿಗಳನ್ನು ಎಸೆದರು. ಪೊಲೀಸ್ ಅಧಿಕಾರಿಗಳ ಮೇಲೆ ಹಲ್ಲೆ ನಡೆಸಲಾಯಿತು. ನಾಲ್ವರು ಅಧಿಕಾರಿಗಳಿಗೆ ಗಂಭೀರ ಗಾಯಗಳಾಗಿವೆ. ಮೆಟ್ರೋಪಾಲಿಟನ್ ಪೊಲೀಸ್ ಈ ಕುರಿತು ಹೇಳಿಕೆ ಬಿಡುಗಡೆ ಮಾಡಿದೆ. ಪ್ರತಿಭಟನೆಗೆ ಸಂಬಂಧಿಸಿ ಹೆಚ್ಚಿನ ಬಂಧನಗಳು ನಡೆಯಲಿವೆ ಎಂದು ಪೊಲೀಸರು ತಿಳಿಸಿದ್ದಾರೆ. ಸರ್ಕಾರ ಹಿಂಸಾಚಾರವನ್ನು ಖಂಡಿಸಿದೆ.
